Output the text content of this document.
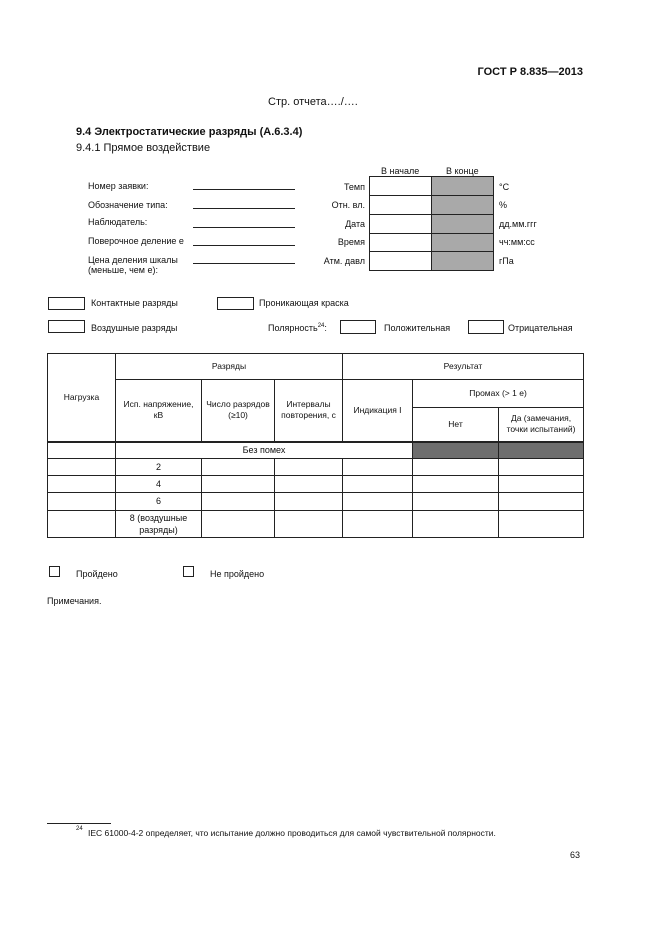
ГОСТ Р 8.835—2013
Стр. отчета…./….
9.4 Электростатические разряды (А.6.3.4)
9.4.1 Прямое воздействие
Номер заявки:
Обозначение типа:
Наблюдатель:
Поверочное деление e
Цена деления шкалы
(меньше, чем e):
В начале	В конце
Темп	°C
Отн. вл.	%
Дата	дд.мм.ггг
Время	чч:мм:сс
Атм. давл	гПа
Контактные разряды	Проникающая краска
Воздушные разряды	Полярность$^{24}$:	Положительная	Отрицательная
Нагрузка	Разряды			Результат		
	Исп. напряжение, кВ	Число разрядов (≥10)	Интервалы повторения, с	Индикация I	Промах (> 1 e)	
					Нет	Да (замечания, точки испытаний)
	Без помех					
	2					
	4					
	6					
	8 (воздушные разряды)					
Пройдено	Не пройдено
Примечания.
24 IEC 61000-4-2 определяет, что испытание должно проводиться для самой чувствительной полярности.
63
